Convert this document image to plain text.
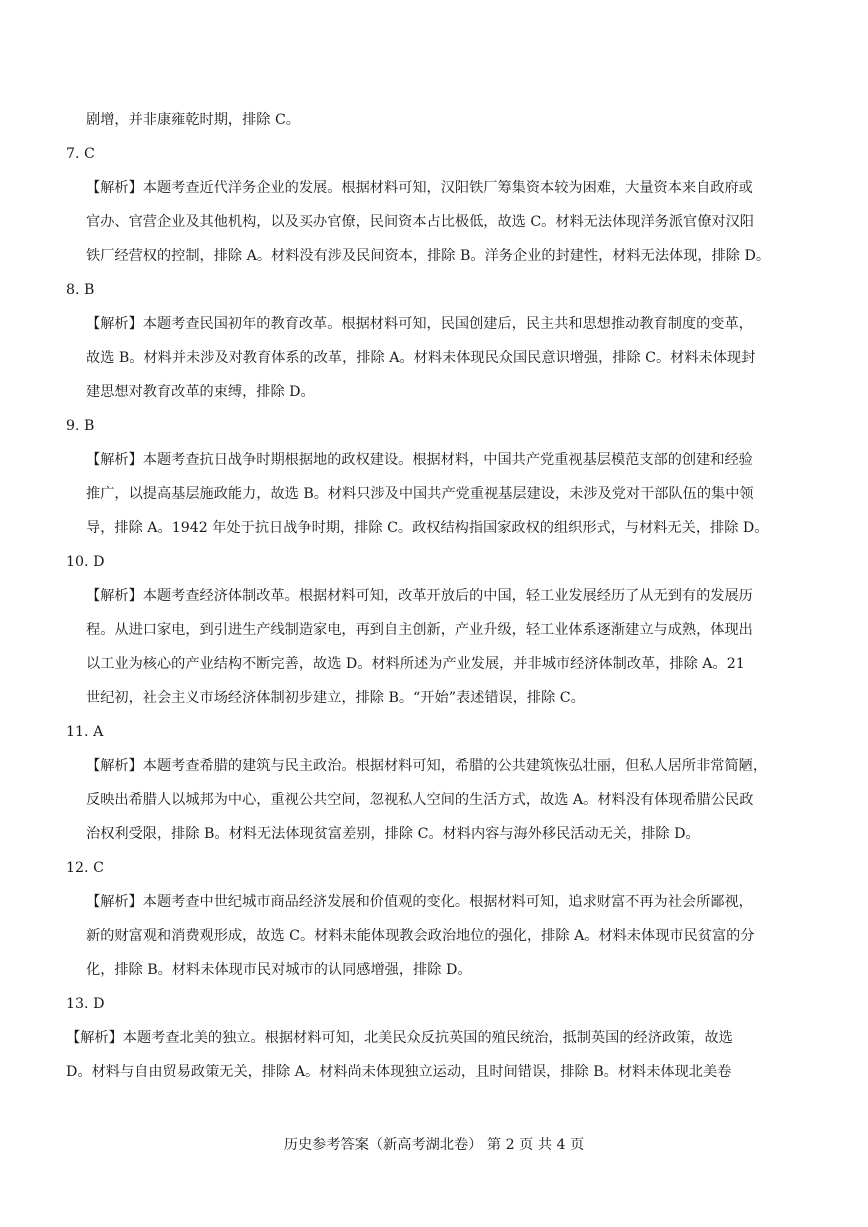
剧增，并非康雍乾时期，排除 C。
7. C
【解析】本题考查近代洋务企业的发展。根据材料可知，汉阳铁厂筹集资本较为困难，大量资本来自政府或
官办、官营企业及其他机构，以及买办官僚，民间资本占比极低，故选 C。材料无法体现洋务派官僚对汉阳
铁厂经营权的控制，排除 A。材料没有涉及民间资本，排除 B。洋务企业的封建性，材料无法体现，排除 D。
8. B
【解析】本题考查民国初年的教育改革。根据材料可知，民国创建后，民主共和思想推动教育制度的变革，
故选 B。材料并未涉及对教育体系的改革，排除 A。材料未体现民众国民意识增强，排除 C。材料未体现封
建思想对教育改革的束缚，排除 D。
9. B
【解析】本题考查抗日战争时期根据地的政权建设。根据材料，中国共产党重视基层模范支部的创建和经验
推广，以提高基层施政能力，故选 B。材料只涉及中国共产党重视基层建设，未涉及党对干部队伍的集中领
导，排除 A。1942 年处于抗日战争时期，排除 C。政权结构指国家政权的组织形式，与材料无关，排除 D。
10. D
【解析】本题考查经济体制改革。根据材料可知，改革开放后的中国，轻工业发展经历了从无到有的发展历
程。从进口家电，到引进生产线制造家电，再到自主创新，产业升级，轻工业体系逐渐建立与成熟，体现出
以工业为核心的产业结构不断完善，故选 D。材料所述为产业发展，并非城市经济体制改革，排除 A。21
世纪初，社会主义市场经济体制初步建立，排除 B。“开始”表述错误，排除 C。
11. A
【解析】本题考查希腊的建筑与民主政治。根据材料可知，希腊的公共建筑恢弘壮丽，但私人居所非常简陋，
反映出希腊人以城邦为中心，重视公共空间，忽视私人空间的生活方式，故选 A。材料没有体现希腊公民政
治权利受限，排除 B。材料无法体现贫富差别，排除 C。材料内容与海外移民活动无关，排除 D。
12. C
【解析】本题考查中世纪城市商品经济发展和价值观的变化。根据材料可知，追求财富不再为社会所鄙视，
新的财富观和消费观形成，故选 C。材料未能体现教会政治地位的强化，排除 A。材料未体现市民贫富的分
化，排除 B。材料未体现市民对城市的认同感增强，排除 D。
13. D
【解析】本题考查北美的独立。根据材料可知，北美民众反抗英国的殖民统治，抵制英国的经济政策，故选
D。材料与自由贸易政策无关，排除 A。材料尚未体现独立运动，且时间错误，排除 B。材料未体现北美卷
历史参考答案（新高考湖北卷） 第 2 页 共 4 页
